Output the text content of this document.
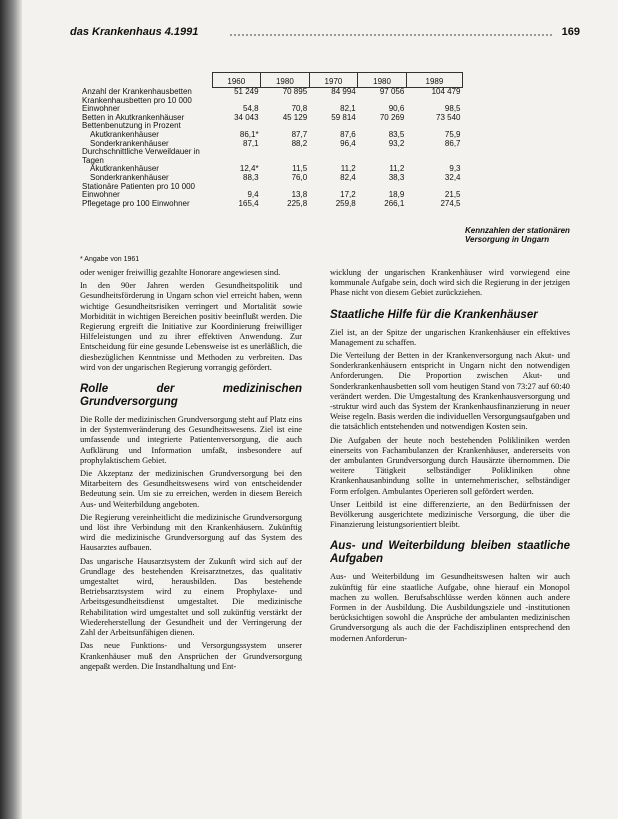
das Krankenhaus 4.1991	169
	1960	1980	1970	1980	1989
Anzahl der Krankenhausbetten	51 249	70 895	84 994	97 056	104 479
Krankenhausbetten pro 10 000 Einwohner	54,8	70,8	82,1	90,6	98,5
Betten in Akutkrankenhäuser	34 043	45 129	59 814	70 269	73 540
Bettenbenutzung in Prozent					
Akutkrankenhäuser	86,1*	87,7	87,6	83,5	75,9
Sonderkrankenhäuser	87,1	88,2	96,4	93,2	86,7
Durchschnittliche Verweildauer in Tagen					
Akutkrankenhäuser	12,4*	11,5	11,2	11,2	9,3
Sonderkrankenhäuser	88,3	76,0	82,4	38,3	32,4
Stationäre Patienten pro 10 000 Einwohner	9,4	13,8	17,2	18,9	21,5
Pflegetage pro 100 Einwohner	165,4	225,8	259,8	266,1	274,5
Kennzahlen der stationären Versorgung in Ungarn
* Angabe von 1961

oder weniger freiwillig gezahlte Honorare angewiesen sind.

In den 90er Jahren werden Gesundheitspolitik und Gesundheitsförderung in Ungarn schon viel erreicht haben, wenn wichtige Gesundheitsrisiken verringert und Mortalität sowie Morbidität in wichtigen Bereichen positiv beeinflußt werden. Die Regierung ergreift die Initiative zur Koordinierung freiwilliger Hilfeleistungen und zu ihrer effektiven Anwendung. Zur Entscheidung für eine gesunde Lebensweise ist es unerläßlich, die diesbezüglichen Kenntnisse und Methoden zu verbreiten. Das wird von der ungarischen Regierung vorrangig gefördert.

Rolle der medizinischen Grundversorgung

Die Rolle der medizinischen Grundversorgung steht auf Platz eins in der Systemveränderung des Gesundheitswesens. Ziel ist eine umfassende und integrierte Patientenversorgung, die auch Aufklärung und Information umfaßt, insbesondere auf prophylaktischem Gebiet.

Die Akzeptanz der medizinischen Grundversorgung bei den Mitarbeitern des Gesundheitswesens wird von entscheidender Bedeutung sein. Um sie zu erreichen, werden in diesem Bereich Aus- und Weiterbildung angeboten.

Die Regierung vereinheitlicht die medizinische Grundversorgung und löst ihre Verbindung mit den Krankenhäusern. Zukünftig wird die medizinische Grundversorgung auf das System des Hausarztes aufbauen.

Das ungarische Hausarztsystem der Zukunft wird sich auf der Grundlage des bestehenden Kreisarztnetzes, das qualitativ umgestaltet wird, herausbilden. Das bestehende Betriebsarztsystem wird zu einem Prophylaxe- und Arbeitsgesundheitsdienst umgestaltet. Die medizinische Rehabilitation wird umgestaltet und soll zukünftig verstärkt der Wiedereherstellung der Gesundheit und der Verringerung der Zahl der Arbeitsunfähigen dienen.

Das neue Funktions- und Versorgungssystem unserer Krankenhäuser muß den Ansprüchen der Grundversorgung angepaßt werden. Die Instandhaltung und Ent-

wicklung der ungarischen Krankenhäuser wird vorwiegend eine kommunale Aufgabe sein, doch wird sich die Regierung in der jetzigen Phase nicht von diesem Gebiet zurückziehen.

Staatliche Hilfe für die Krankenhäuser

Ziel ist, an der Spitze der ungarischen Krankenhäuser ein effektives Management zu schaffen.

Die Verteilung der Betten in der Krankenversorgung nach Akut- und Sonderkrankenhäusern entspricht in Ungarn nicht den notwendigen Anforderungen. Die Proportion zwischen Akut- und Sonderkrankenhausbetten soll vom heutigen Stand von 73:27 auf 60:40 verändert werden. Die Umgestaltung des Krankenhausversorgung und -struktur wird auch das System der Krankenhausfinanzierung in neuer Weise regeln. Basis werden die individuellen Versorgungsaufgaben und die tatsächlich entstehenden und notwendigen Kosten sein.

Die Aufgaben der heute noch bestehenden Polikliniken werden einerseits von Fachambulanzen der Krankenhäuser, andererseits von der ambulanten Grundversorgung durch Hausärzte übernommen. Die weitere Tätigkeit selbständiger Polikliniken ohne Krankenhausanbindung sollte in unternehmerischer, selbständiger Form erfolgen. Ambulantes Operieren soll gefördert werden.

Unser Leitbild ist eine differenzierte, an den Bedürfnissen der Bevölkerung ausgerichtete medizinische Versorgung, die über die Finanzierung leistungsorientiert bleibt.

Aus- und Weiterbildung bleiben staatliche Aufgaben

Aus- und Weiterbildung im Gesundheitswesen halten wir auch zukünftig für eine staatliche Aufgabe, ohne hierauf ein Monopol machen zu wollen. Berufsabschlüsse werden können auch andere Formen in der Ausbildung. Die Ausbildungsziele und -institutionen berücksichtigen sowohl die Ansprüche der ambulanten medizinischen Grundversorgung als auch die der Fachdisziplinen entsprechend den modernen Anforderun-
